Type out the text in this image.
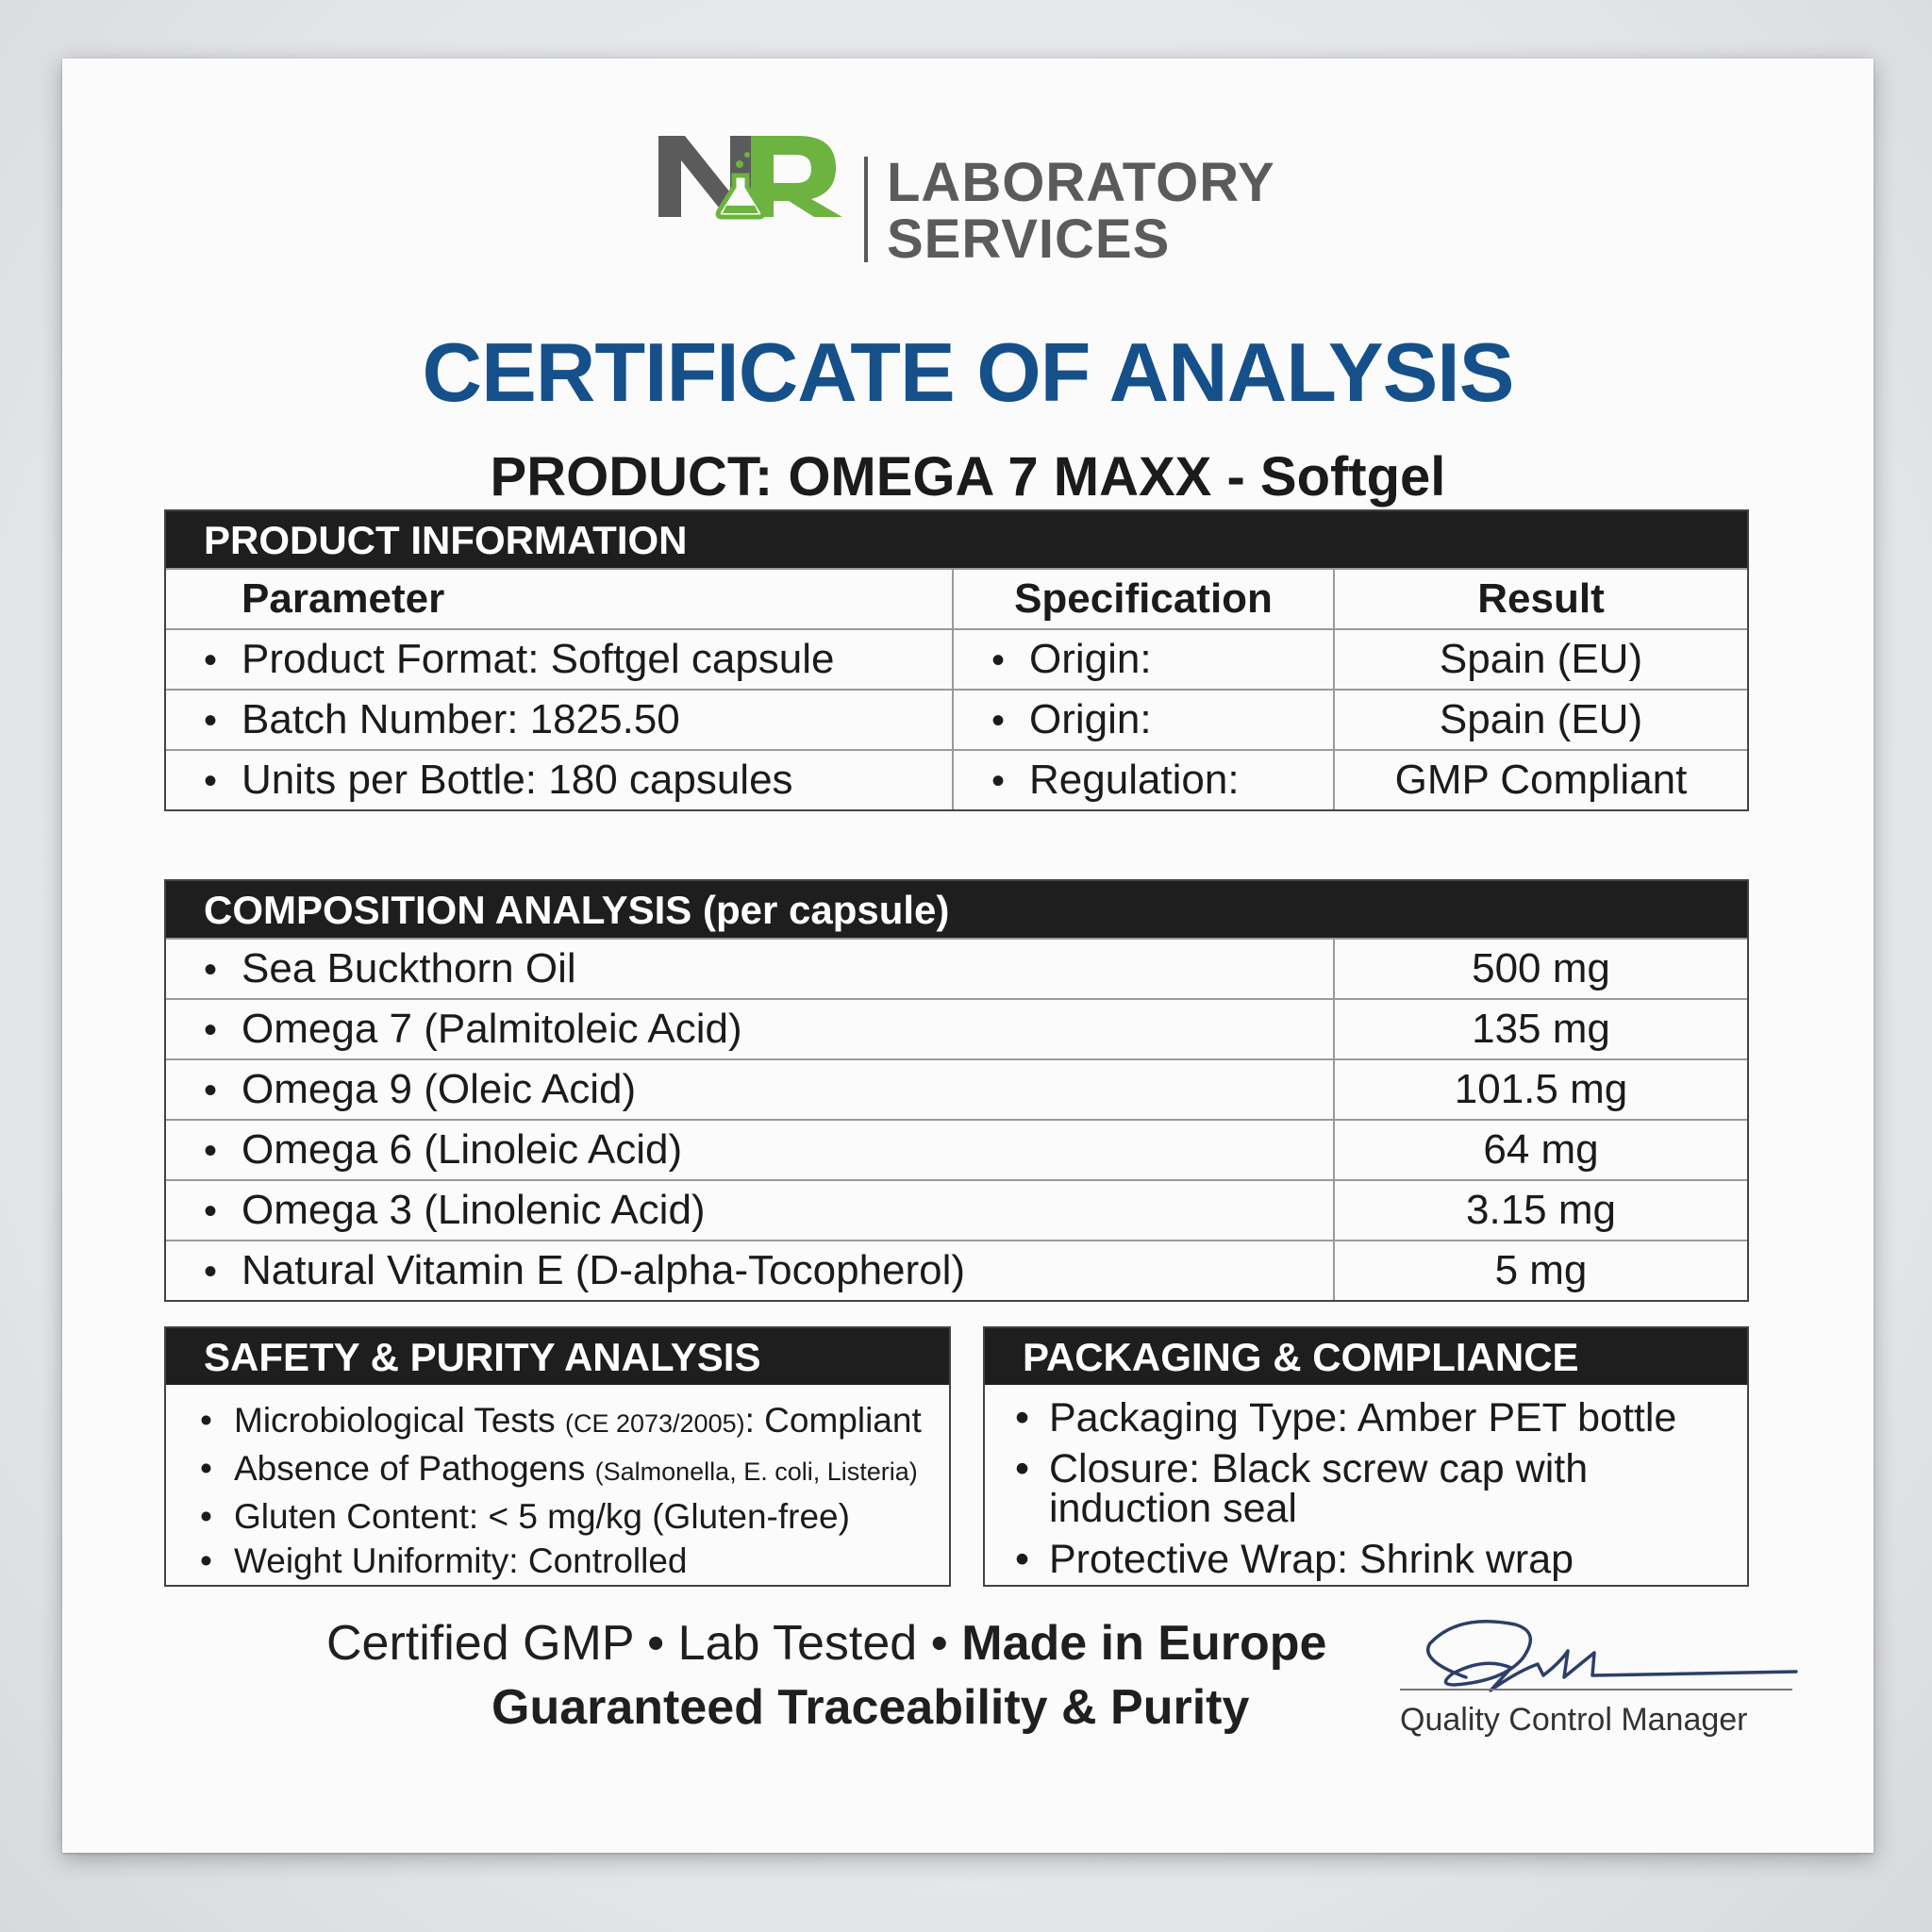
LABORATORY
SERVICES
CERTIFICATE OF ANALYSIS
PRODUCT: OMEGA 7 MAXX - Softgel
PRODUCT INFORMATION
Parameter	Specification	Result
• Product Format: Softgel capsule	• Origin:	Spain (EU)
• Batch Number: 1825.50	• Origin:	Spain (EU)
• Units per Bottle: 180 capsules	• Regulation:	GMP Compliant
COMPOSITION ANALYSIS (per capsule)
• Sea Buckthorn Oil	500 mg
• Omega 7 (Palmitoleic Acid)	135 mg
• Omega 9 (Oleic Acid)	101.5 mg
• Omega 6 (Linoleic Acid)	64 mg
• Omega 3 (Linolenic Acid)	3.15 mg
• Natural Vitamin E (D-alpha-Tocopherol)	5 mg
SAFETY & PURITY ANALYSIS
• Microbiological Tests (CE 2073/2005): Compliant
• Absence of Pathogens (Salmonella, E. coli, Listeria)
• Gluten Content: < 5 mg/kg (Gluten-free)
• Weight Uniformity: Controlled
PACKAGING & COMPLIANCE
• Packaging Type: Amber PET bottle
• Closure: Black screw cap with
induction seal
• Protective Wrap: Shrink wrap
Certified GMP • Lab Tested • Made in Europe
Guaranteed Traceability & Purity	Quality Control Manager
